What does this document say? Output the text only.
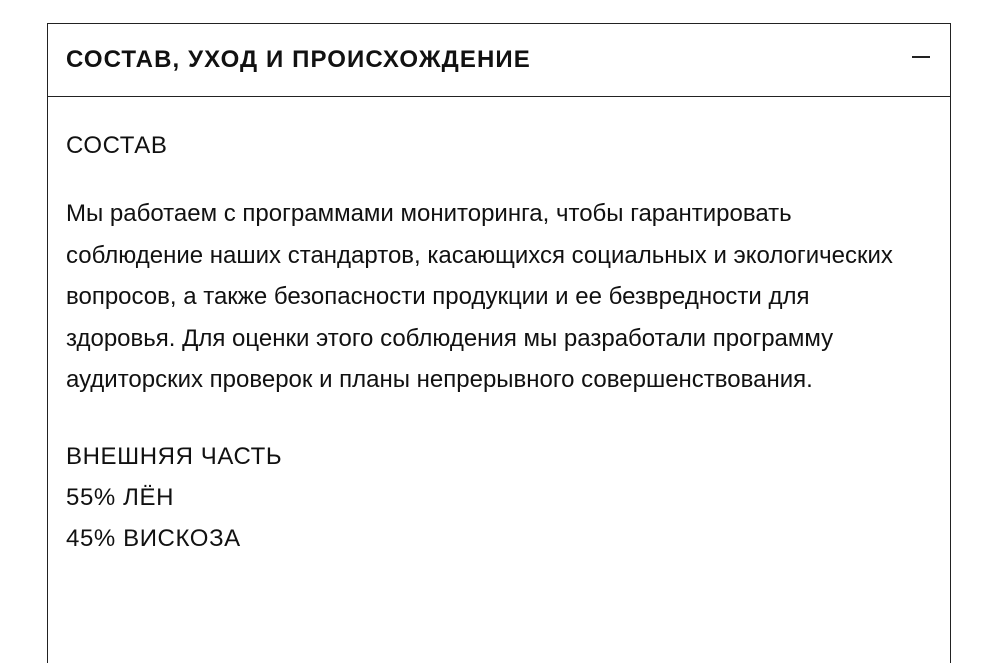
СОСТАВ, УХОД И ПРОИСХОЖДЕНИЕ
СОСТАВ
Мы работаем с программами мониторинга, чтобы гарантировать соблюдение наших стандартов, касающихся социальных и экологических вопросов, а также безопасности продукции и ее безвредности для здоровья. Для оценки этого соблюдения мы разработали программу аудиторских проверок и планы непрерывного совершенствования.
ВНЕШНЯЯ ЧАСТЬ
55% ЛЁН
45% ВИСКОЗА
